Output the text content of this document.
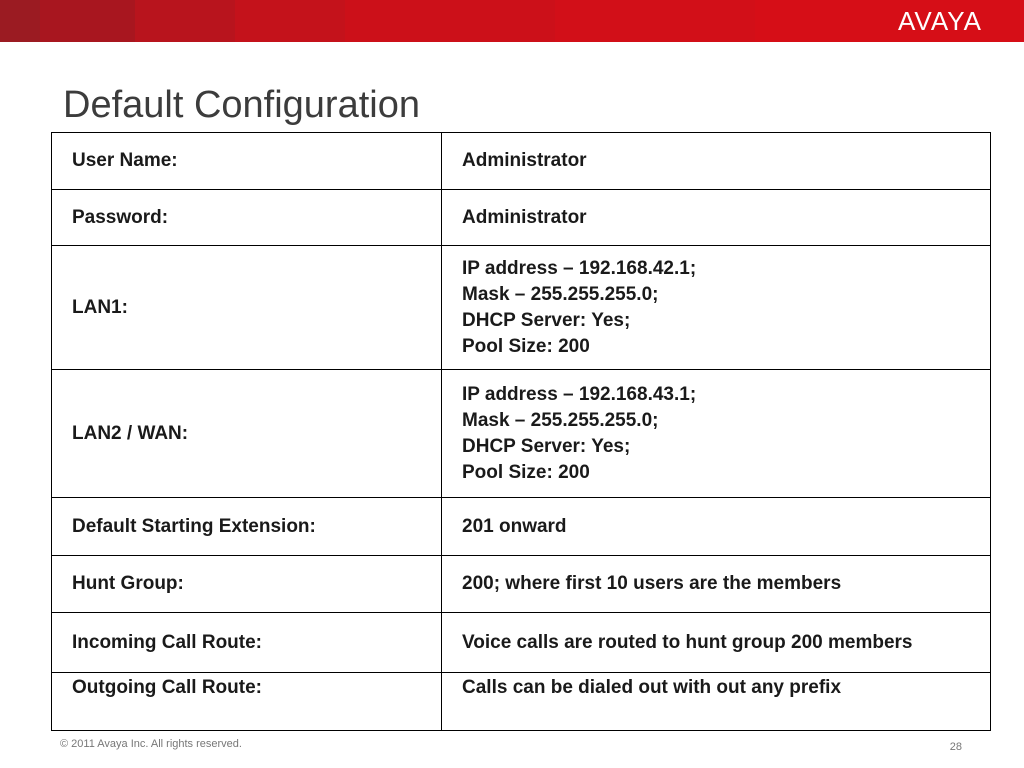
AVAYA
Default Configuration
User Name:	Administrator

Password:	Administrator

LAN1:	IP address – 192.168.42.1;
Mask – 255.255.255.0;
DHCP Server: Yes;
Pool Size: 200

LAN2 / WAN:	IP address – 192.168.43.1;
Mask – 255.255.255.0;
DHCP Server: Yes;
Pool Size: 200

Default Starting Extension:	201 onward

Hunt Group:	200; where first 10 users are the members

Incoming Call Route:	Voice calls are routed to hunt group 200 members

Outgoing Call Route:	Calls can be dialed out with out any prefix
© 2011 Avaya Inc. All rights reserved.	28
